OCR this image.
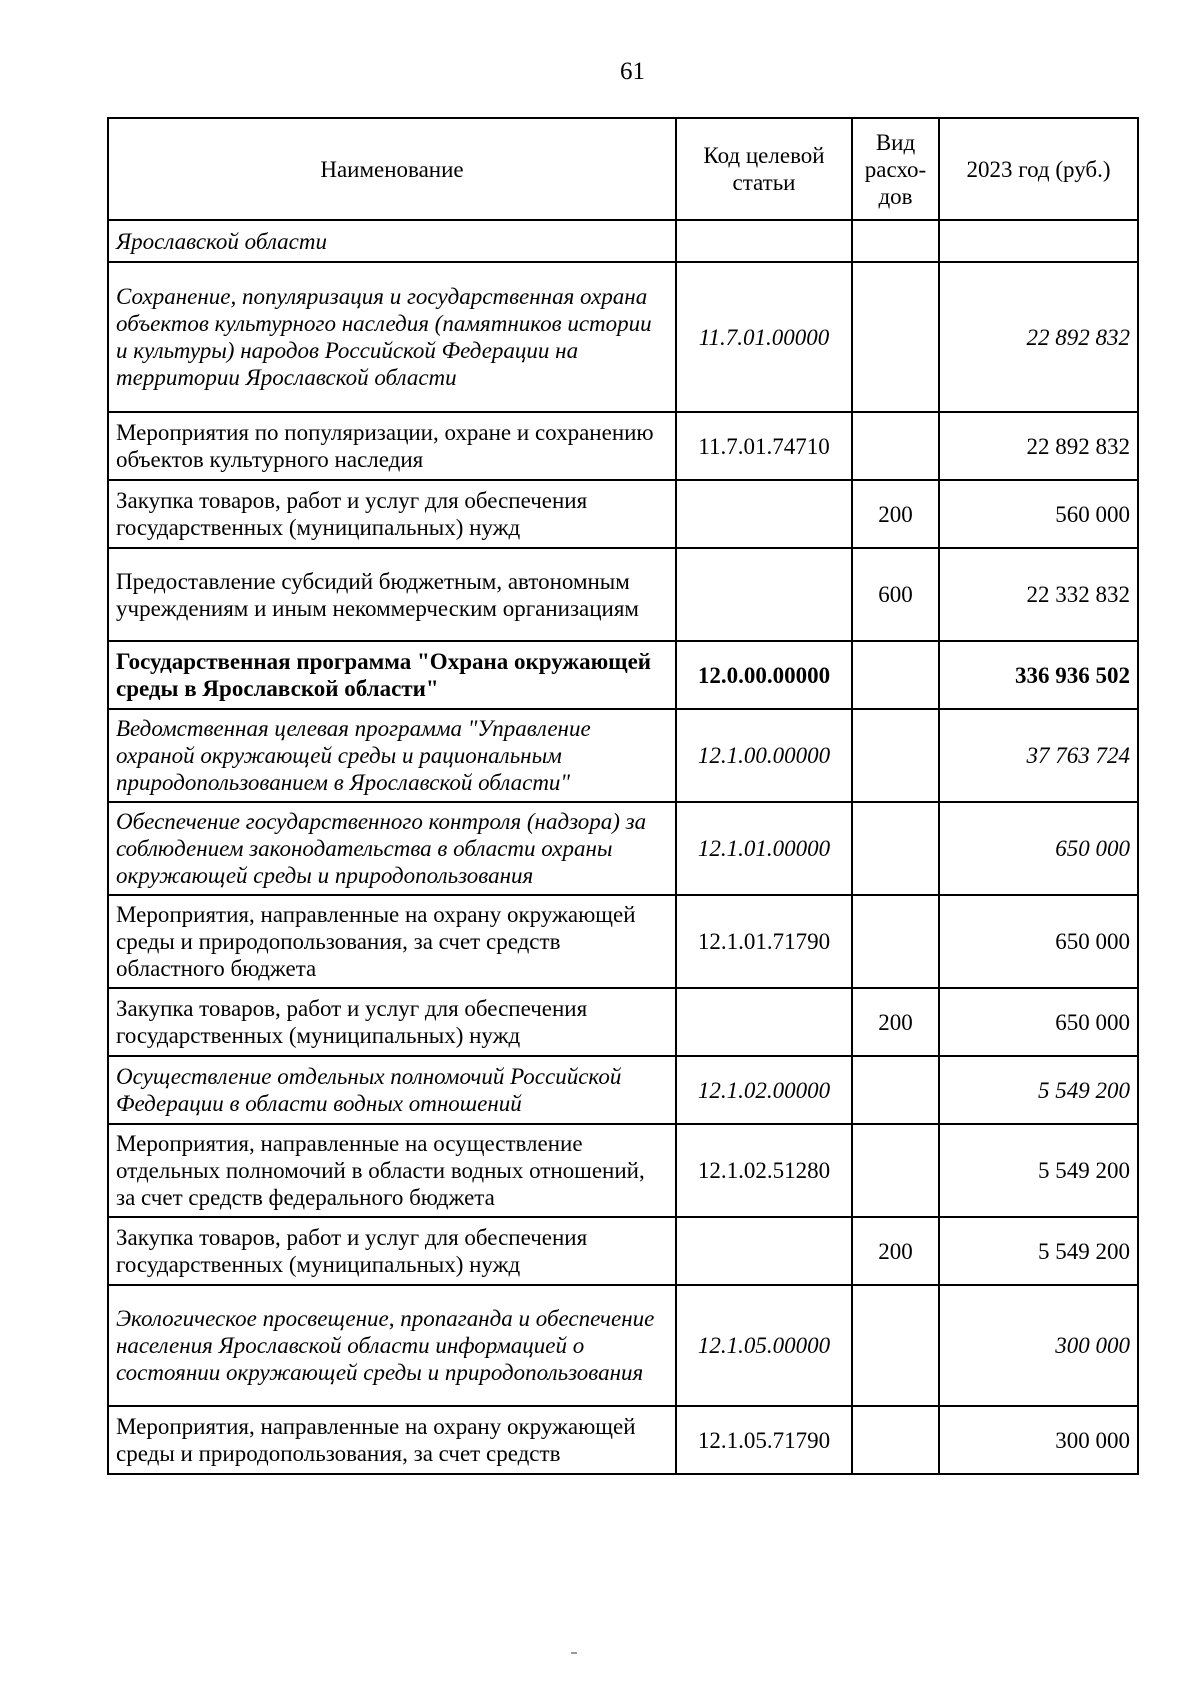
61
Наименование	Код целевой статьи	Вид расхо-дов	2023 год (руб.)
Ярославской области			
Сохранение, популяризация и государственная охрана объектов культурного наследия (памятников истории и культуры) народов Российской Федерации на территории Ярославской области	11.7.01.00000		22 892 832
Мероприятия по популяризации, охране и сохранению объектов культурного наследия	11.7.01.74710		22 892 832
Закупка товаров, работ и услуг для обеспечения государственных (муниципальных) нужд		200	560 000
Предоставление субсидий бюджетным, автономным учреждениям и иным некоммерческим организациям		600	22 332 832
Государственная программа "Охрана окружающей среды в Ярославской области"	12.0.00.00000		336 936 502
Ведомственная целевая программа "Управление охраной окружающей среды и рациональным природопользованием в Ярославской области"	12.1.00.00000		37 763 724
Обеспечение государственного контроля (надзора) за соблюдением законодательства в области охраны окружающей среды и природопользования	12.1.01.00000		650 000
Мероприятия, направленные на охрану окружающей среды и природопользования, за счет средств областного бюджета	12.1.01.71790		650 000
Закупка товаров, работ и услуг для обеспечения государственных (муниципальных) нужд		200	650 000
Осуществление отдельных полномочий Российской Федерации в области водных отношений	12.1.02.00000		5 549 200
Мероприятия, направленные на осуществление отдельных полномочий в области водных отношений, за счет средств федерального бюджета	12.1.02.51280		5 549 200
Закупка товаров, работ и услуг для обеспечения государственных (муниципальных) нужд		200	5 549 200
Экологическое просвещение, пропаганда и обеспечение населения Ярославской области информацией о состоянии окружающей среды и природопользования	12.1.05.00000		300 000
Мероприятия, направленные на охрану окружающей среды и природопользования, за счет средств	12.1.05.71790		300 000
